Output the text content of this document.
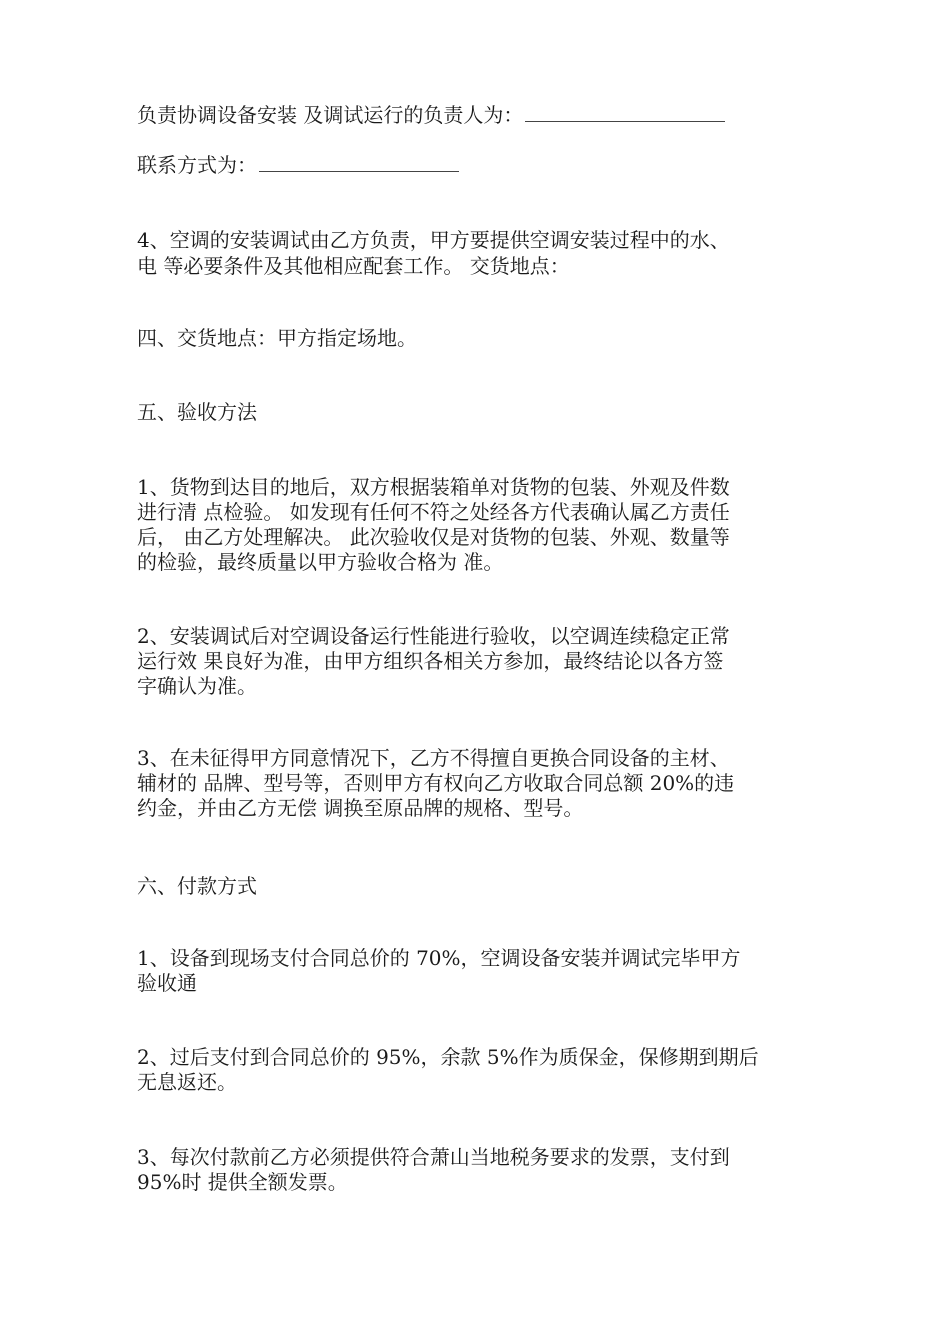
负责协调设备安装 及调试运行的负责人为：

联系方式为：

4、空调的安装调试由乙方负责，甲方要提供空调安装过程中的水、

电 等必要条件及其他相应配套工作。 交货地点：

四、交货地点：甲方指定场地。

五、验收方法

1、货物到达目的地后，双方根据装箱单对货物的包装、外观及件数

进行清 点检验。 如发现有任何不符之处经各方代表确认属乙方责任

后， 由乙方处理解决。 此次验收仅是对货物的包装、外观、数量等

的检验，最终质量以甲方验收合格为 准。

2、安装调试后对空调设备运行性能进行验收，以空调连续稳定正常

运行效 果良好为准，由甲方组织各相关方参加，最终结论以各方签

字确认为准。

3、在未征得甲方同意情况下，乙方不得擅自更换合同设备的主材、

辅材的 品牌、型号等，否则甲方有权向乙方收取合同总额 20%的违

约金，并由乙方无偿 调换至原品牌的规格、型号。

六、付款方式

1、设备到现场支付合同总价的 70%，空调设备安装并调试完毕甲方

验收通

2、过后支付到合同总价的 95%，余款 5%作为质保金，保修期到期后

无息返还。

3、每次付款前乙方必须提供符合萧山当地税务要求的发票，支付到

95%时 提供全额发票。
